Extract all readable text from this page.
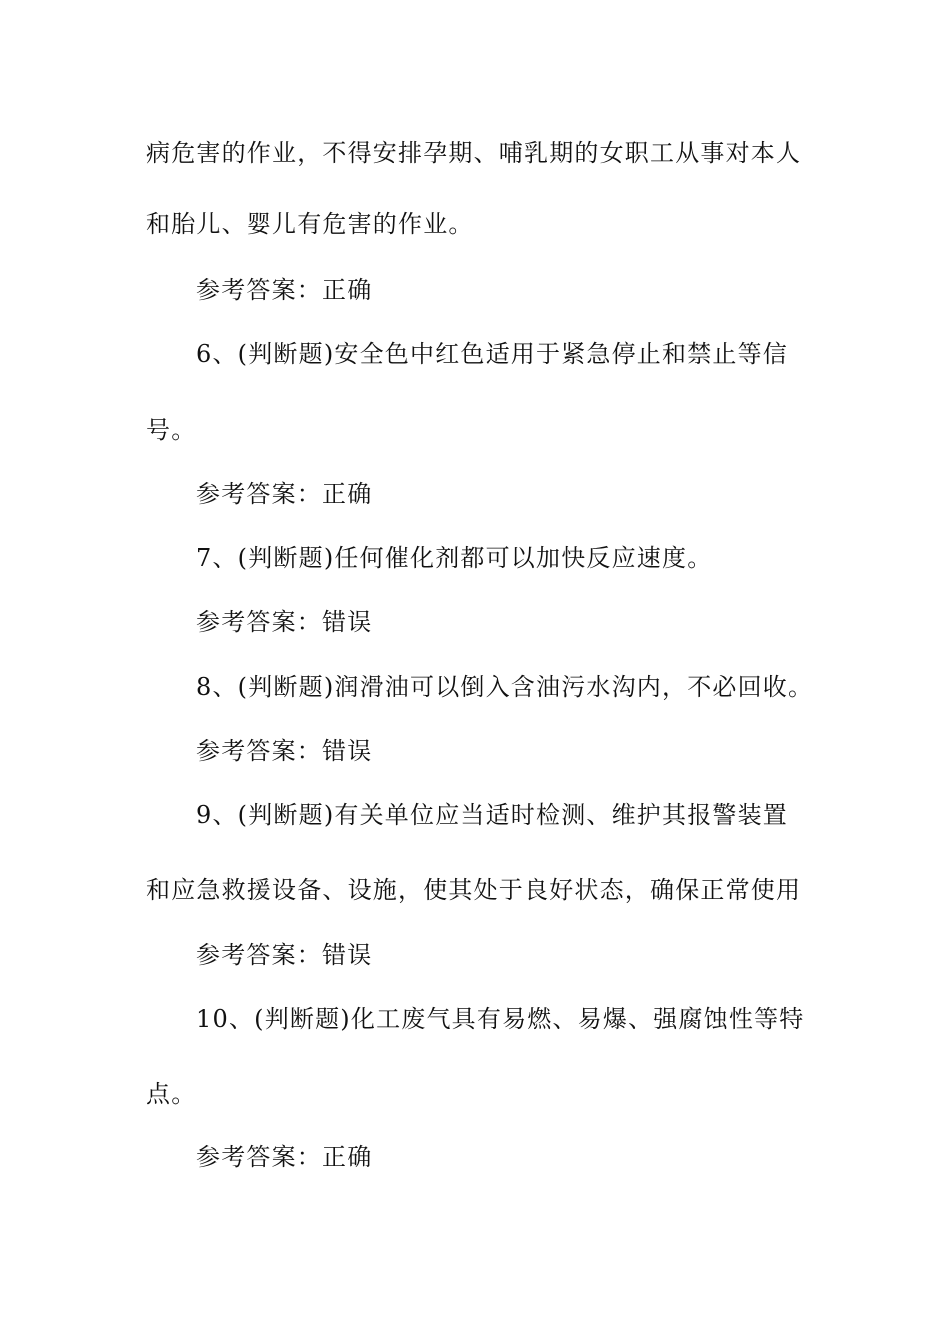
病危害的作业，不得安排孕期、哺乳期的女职工从事对本人
和胎儿、婴儿有危害的作业。
参考答案：正确
6、(判断题)安全色中红色适用于紧急停止和禁止等信
号。
参考答案：正确
7、(判断题)任何催化剂都可以加快反应速度。
参考答案：错误
8、(判断题)润滑油可以倒入含油污水沟内，不必回收。
参考答案：错误
9、(判断题)有关单位应当适时检测、维护其报警装置
和应急救援设备、设施，使其处于良好状态，确保正常使用
参考答案：错误
10、(判断题)化工废气具有易燃、易爆、强腐蚀性等特
点。
参考答案：正确
